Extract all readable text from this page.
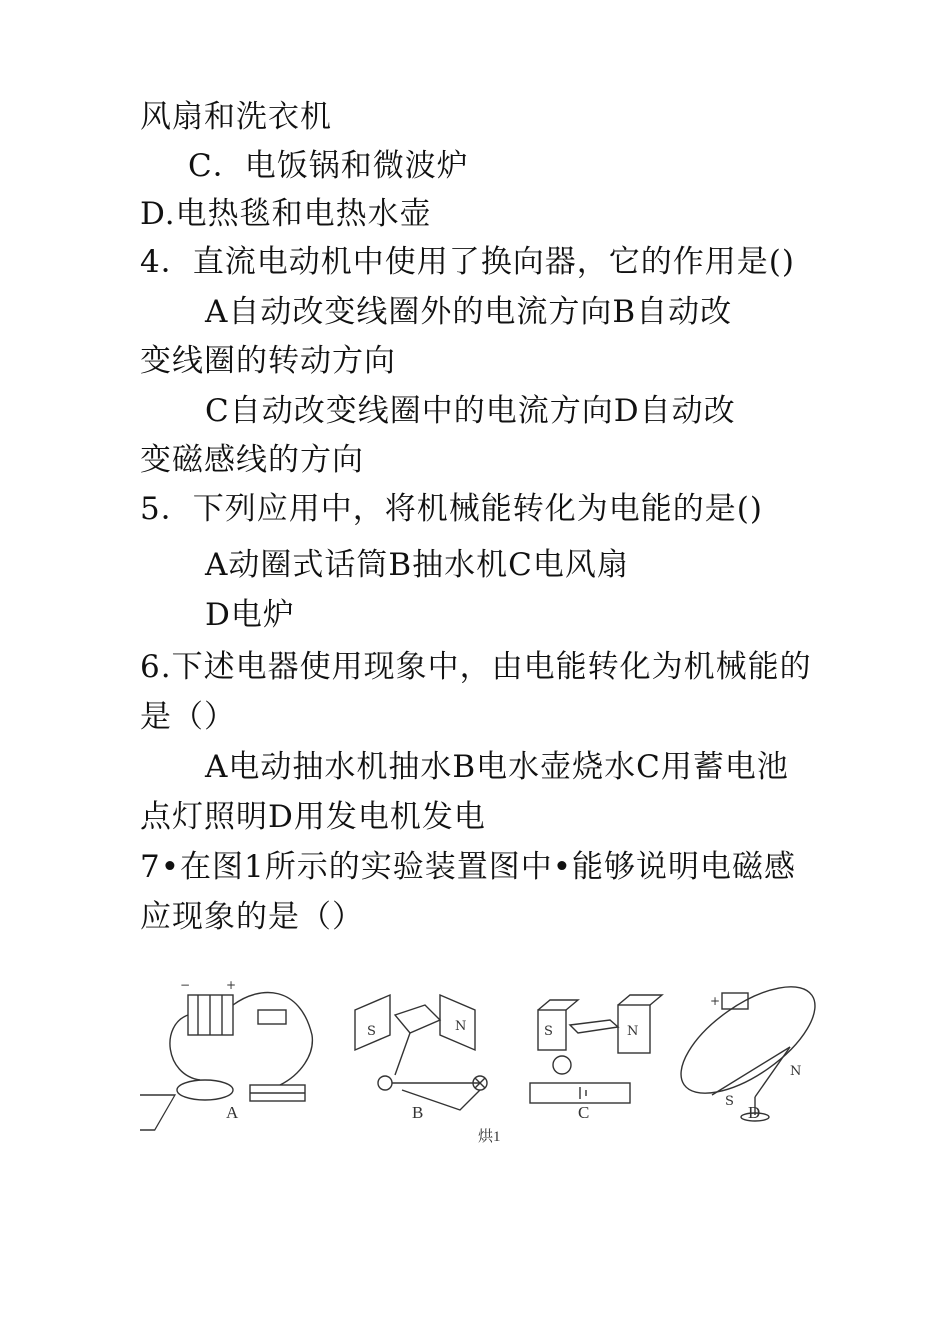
风扇和洗衣机
C．电饭锅和微波炉
D.电热毯和电热水壶
4．直流电动机中使用了换向器，它的作用是()
A自动改变线圈外的电流方向B自动改
变线圈的转动方向
C自动改变线圈中的电流方向D自动改
变磁感线的方向
5．下列应用中，将机械能转化为电能的是()
A动圈式话筒B抽水机C电风扇
D电炉
6.下述电器使用现象中，由电能转化为机械能的
是（）
A电动抽水机抽水B电水壶烧水C用蓄电池
点灯照明D用发电机发电
7•在图1所示的实验装置图中•能够说明电磁感
应现象的是（）
+
−
S	N	S	N
+
S
N
A	B	C	D
烘1
